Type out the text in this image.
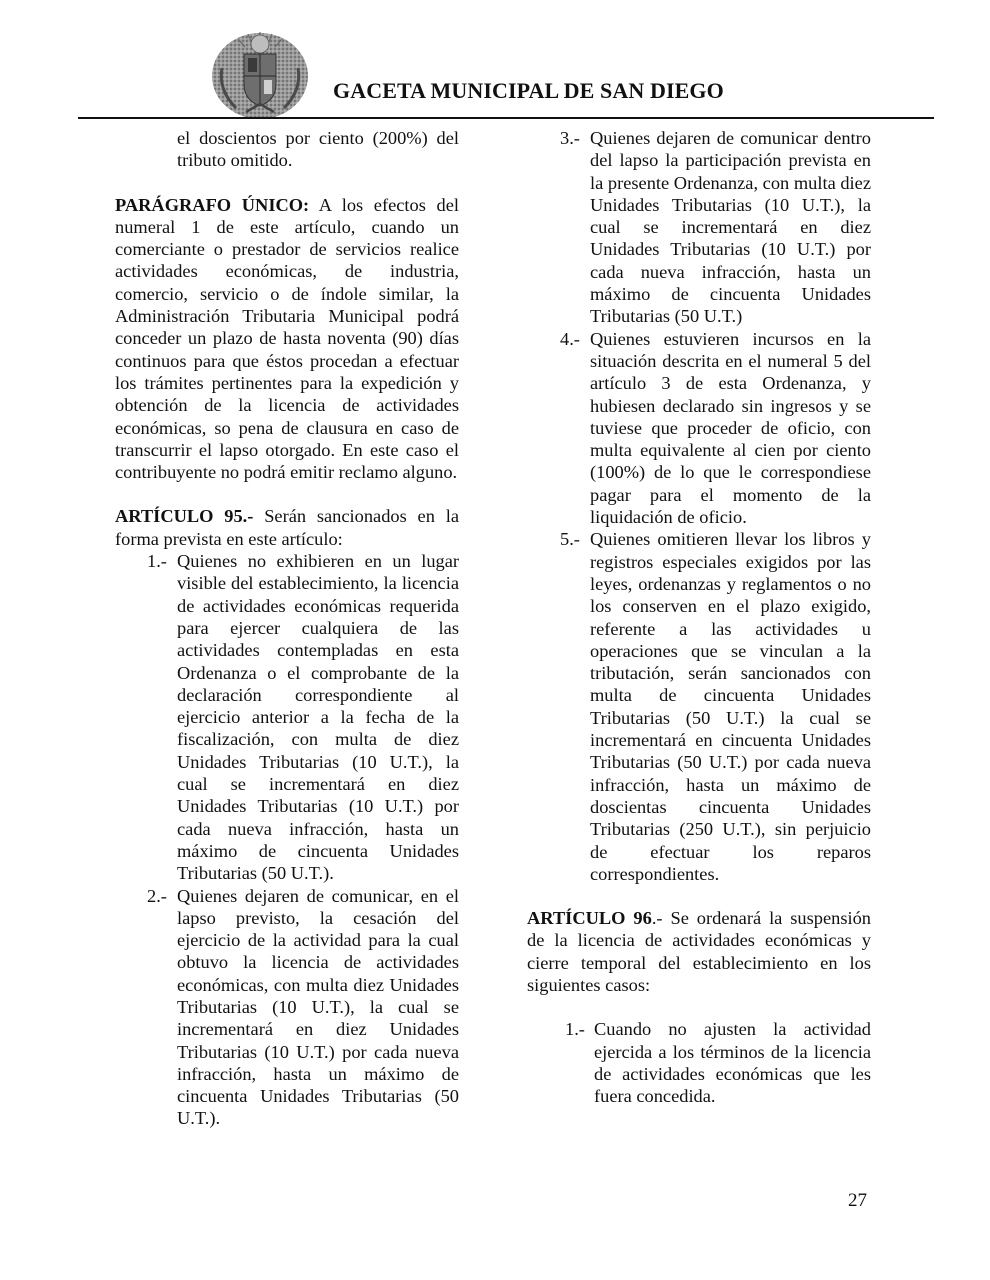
GACETA MUNICIPAL DE SAN DIEGO

el doscientos por ciento (200%) del tributo omitido.

PARÁGRAFO ÚNICO: A los efectos del numeral 1 de este artículo, cuando un comerciante o prestador de servicios realice actividades económicas, de industria, comercio, servicio o de índole similar, la Administración Tributaria Municipal podrá conceder un plazo de hasta noventa (90) días continuos para que éstos procedan a efectuar los trámites pertinentes para la expedición y obtención de la licencia de actividades económicas, so pena de clausura en caso de transcurrir el lapso otorgado. En este caso el contribuyente no podrá emitir reclamo alguno.

ARTÍCULO 95.- Serán sancionados en la forma prevista en este artículo:

1.- Quienes no exhibieren en un lugar visible del establecimiento, la licencia de actividades económicas requerida para ejercer cualquiera de las actividades contempladas en esta Ordenanza o el comprobante de la declaración correspondiente al ejercicio anterior a la fecha de la fiscalización, con multa de diez Unidades Tributarias (10 U.T.), la cual se incrementará en diez Unidades Tributarias (10 U.T.) por cada nueva infracción, hasta un máximo de cincuenta Unidades Tributarias (50 U.T.).
2.- Quienes dejaren de comunicar, en el lapso previsto, la cesación del ejercicio de la actividad para la cual obtuvo la licencia de actividades económicas, con multa diez Unidades Tributarias (10 U.T.), la cual se incrementará en diez Unidades Tributarias (10 U.T.) por cada nueva infracción, hasta un máximo de cincuenta Unidades Tributarias (50 U.T.).
3.- Quienes dejaren de comunicar dentro del lapso la participación prevista en la presente Ordenanza, con multa diez Unidades Tributarias (10 U.T.), la cual se incrementará en diez Unidades Tributarias (10 U.T.) por cada nueva infracción, hasta un máximo de cincuenta Unidades Tributarias (50 U.T.)
4.- Quienes estuvieren incursos en la situación descrita en el numeral 5 del artículo 3 de esta Ordenanza, y hubiesen declarado sin ingresos y se tuviese que proceder de oficio, con multa equivalente al cien por ciento (100%) de lo que le correspondiese pagar para el momento de la liquidación de oficio.
5.- Quienes omitieren llevar los libros y registros especiales exigidos por las leyes, ordenanzas y reglamentos o no los conserven en el plazo exigido, referente a las actividades u operaciones que se vinculan a la tributación, serán sancionados con multa de cincuenta Unidades Tributarias (50 U.T.) la cual se incrementará en cincuenta Unidades Tributarias (50 U.T.) por cada nueva infracción, hasta un máximo de doscientas cincuenta Unidades Tributarias (250 U.T.), sin perjuicio de efectuar los reparos correspondientes.

ARTÍCULO 96.- Se ordenará la suspensión de la licencia de actividades económicas y cierre temporal del establecimiento en los siguientes casos:

1.- Cuando no ajusten la actividad ejercida a los términos de la licencia de actividades económicas que les fuera concedida.
27
